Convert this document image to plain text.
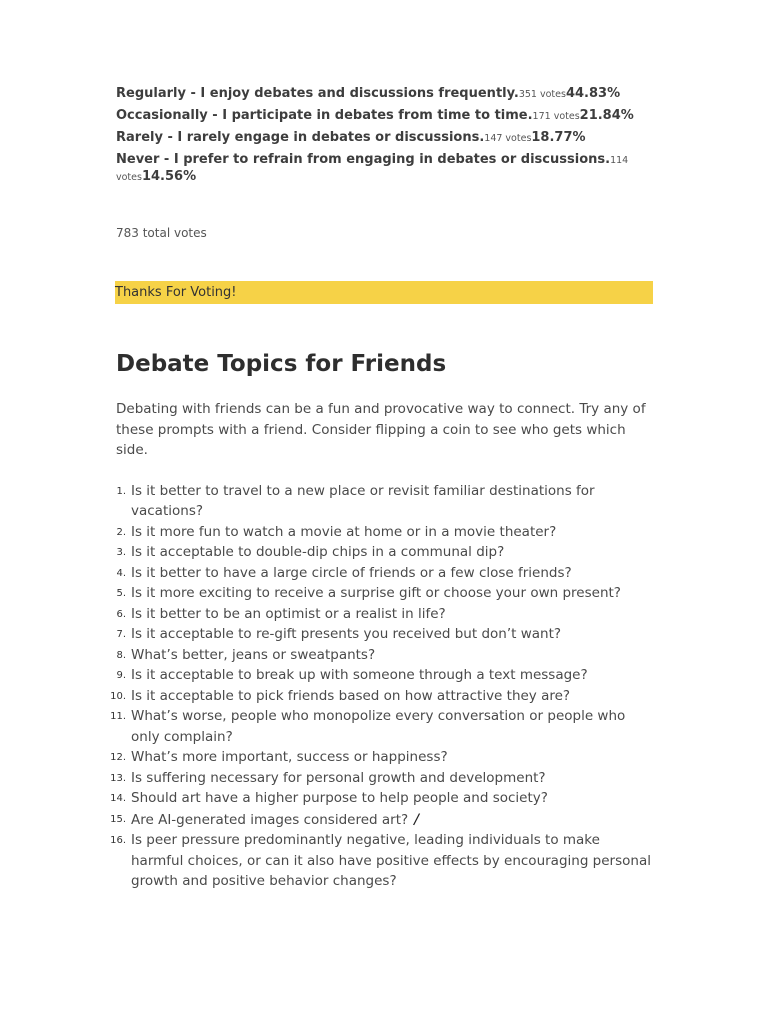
Regularly - I enjoy debates and discussions frequently.351 votes44.83%
Occasionally - I participate in debates from time to time.171 votes21.84%
Rarely - I rarely engage in debates or discussions.147 votes18.77%
Never - I prefer to refrain from engaging in debates or discussions.114 votes14.56%
783 total votes
Thanks For Voting!
Debate Topics for Friends

Debating with friends can be a fun and provocative way to connect. Try any of these prompts with a friend. Consider flipping a coin to see who gets which side.

1. Is it better to travel to a new place or revisit familiar destinations for vacations?
2. Is it more fun to watch a movie at home or in a movie theater?
3. Is it acceptable to double-dip chips in a communal dip?
4. Is it better to have a large circle of friends or a few close friends?
5. Is it more exciting to receive a surprise gift or choose your own present?
6. Is it better to be an optimist or a realist in life?
7. Is it acceptable to re-gift presents you received but don’t want?
8. What’s better, jeans or sweatpants?
9. Is it acceptable to break up with someone through a text message?
10. Is it acceptable to pick friends based on how attractive they are?
11. What’s worse, people who monopolize every conversation or people who only complain?
12. What’s more important, success or happiness?
13. Is suffering necessary for personal growth and development?
14. Should art have a higher purpose to help people and society?
15. Are AI-generated images considered art? /
16. Is peer pressure predominantly negative, leading individuals to make harmful choices, or can it also have positive effects by encouraging personal growth and positive behavior changes?
